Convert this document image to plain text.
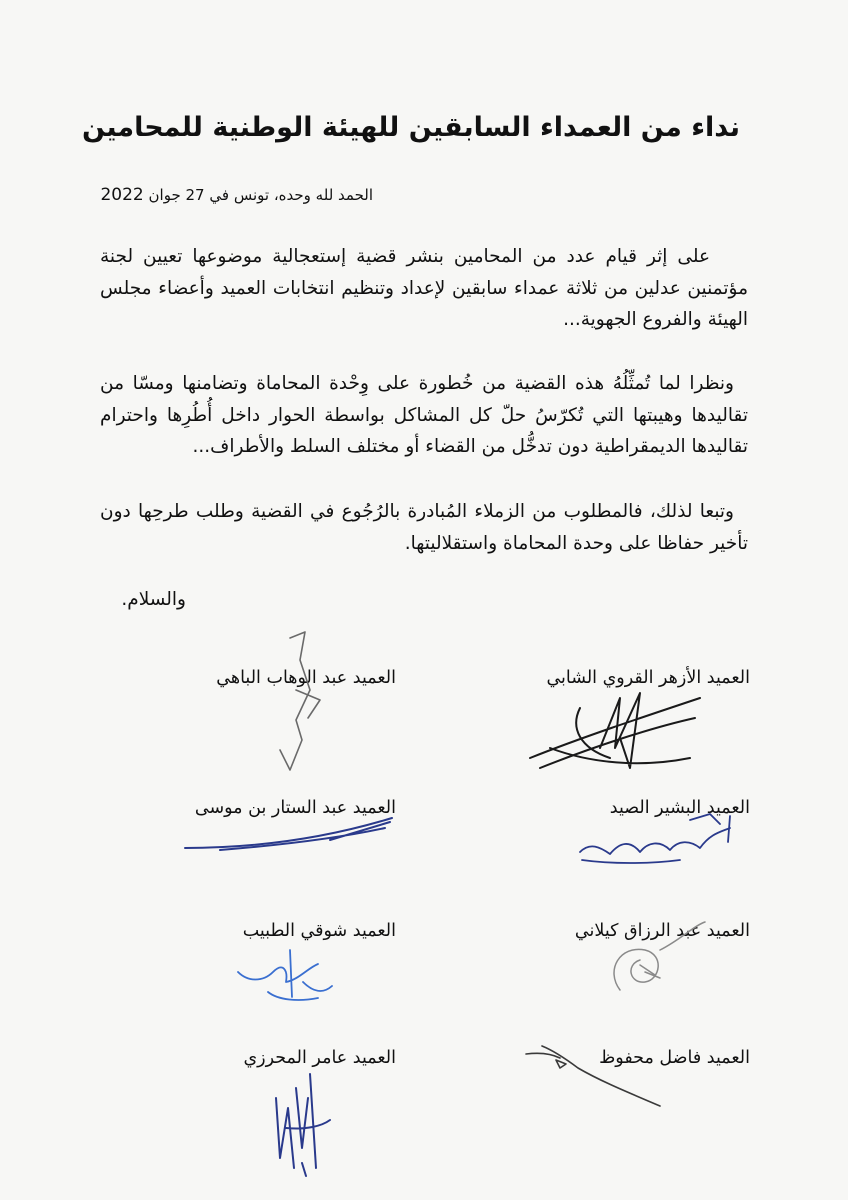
نداء من العمداء السابقين للهيئة الوطنية للمحامين
الحمد لله وحده، تونس في 27 جوان 2022

على إثر قيام عدد من المحامين بنشر قضية إستعجالية موضوعها تعيين لجنة مؤتمنين عدلين من ثلاثة عمداء سابقين لإعداد وتنظيم انتخابات العميد وأعضاء مجلس الهيئة والفروع الجهوية...

ونظرا لما تُمثِّلُهُ هذه القضية من خُطورة على وِحْدة المحاماة وتضامنها ومسّا من تقاليدها وهيبتها التي تُكرّسُ حلّ كل المشاكل بواسطة الحوار داخل أُطُرِها واحترام تقاليدها الديمقراطية دون تدخُّل من القضاء أو مختلف السلط والأطراف...

وتبعا لذلك، فالمطلوب من الزملاء المُبادرة بالرُجُوع في القضية وطلب طرحِها دون تأخير حفاظا على وحدة المحاماة واستقلاليتها.

والسلام.
العميد الأزهر القروي الشابي
العميد البشير الصيد
العميد عبد الرزاق كيلاني
العميد فاضل محفوظ
العميد عبد الوهاب الباهي
العميد عبد الستار بن موسى
العميد شوقي الطبيب
العميد عامر المحرزي
